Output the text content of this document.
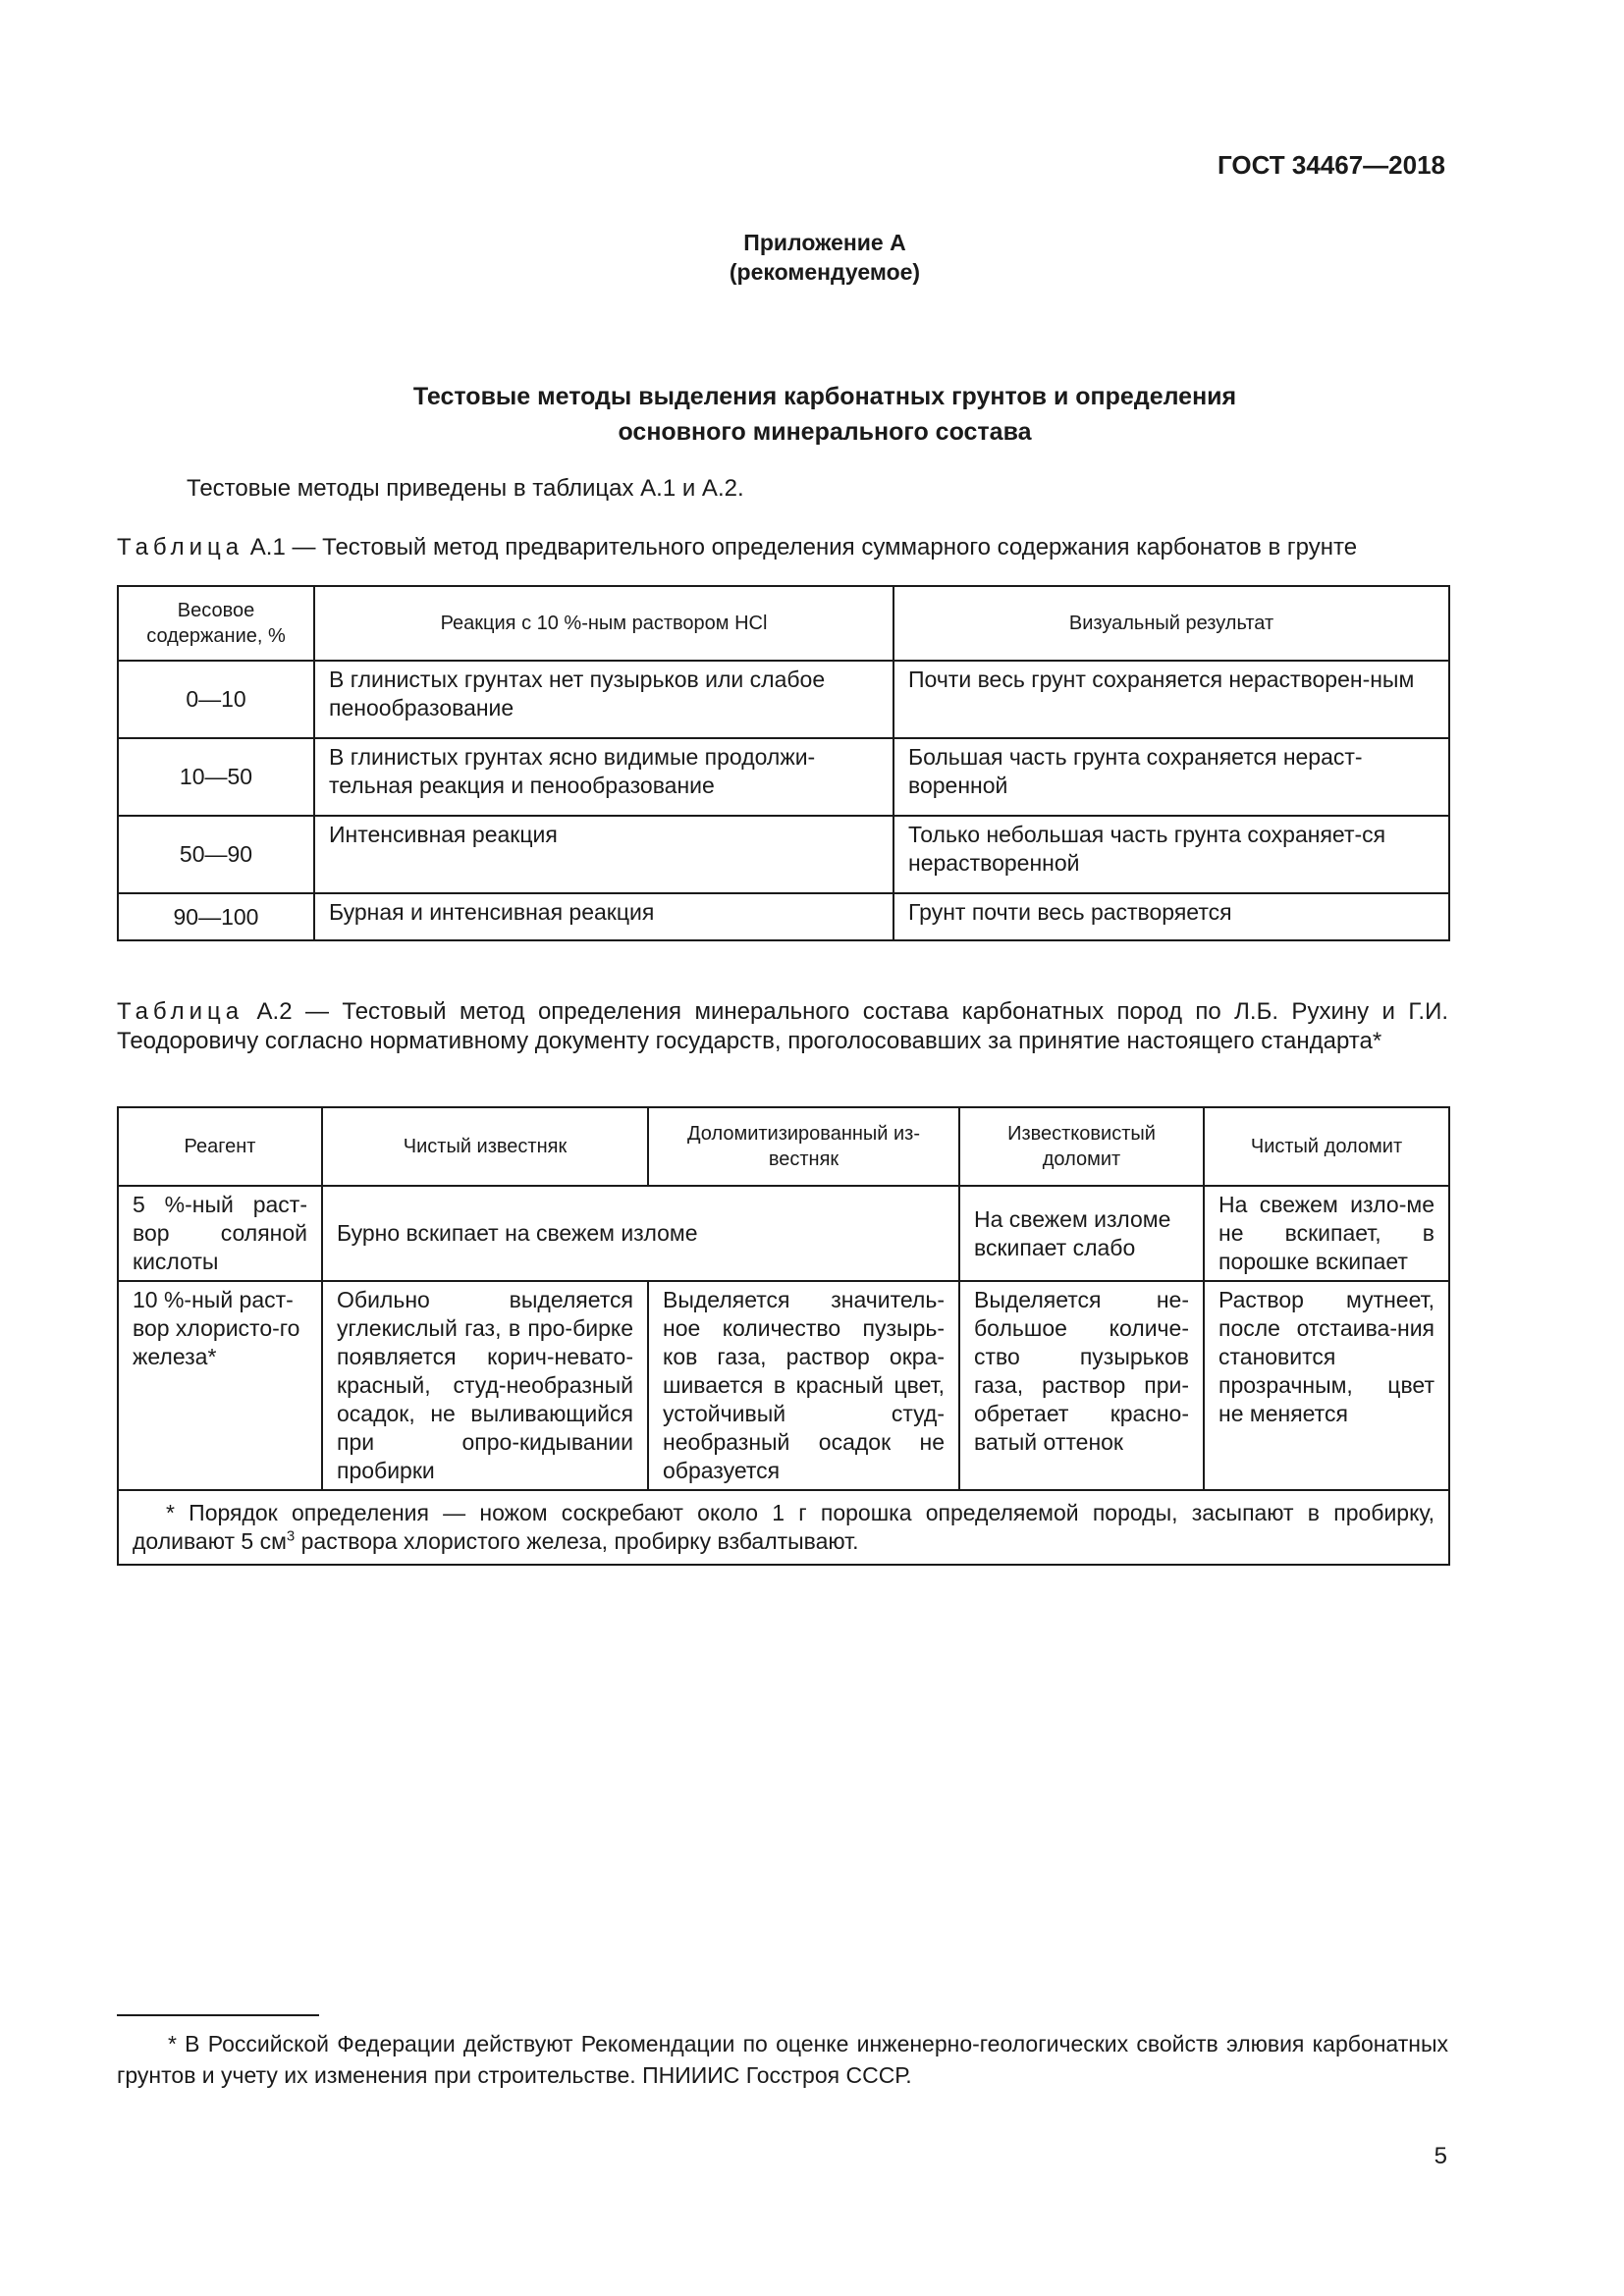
ГОСТ 34467—2018
Приложение А
(рекомендуемое)
Тестовые методы выделения карбонатных грунтов и определения
основного минерального состава
Тестовые методы приведены в таблицах А.1 и А.2.
Таблица А.1 — Тестовый метод предварительного определения суммарного содержания карбонатов в грунте
Весовое содержание, %	Реакция с 10 %-ным раствором НСl	Визуальный результат
0—10	В глинистых грунтах нет пузырьков или слабое пенообразование	Почти весь грунт сохраняется нерастворен-ным
10—50	В глинистых грунтах ясно видимые продолжи-тельная реакция и пенообразование	Большая часть грунта сохраняется нераст-воренной
50—90	Интенсивная реакция	Только небольшая часть грунта сохраняет-ся нерастворенной
90—100	Бурная и интенсивная реакция	Грунт почти весь растворяется
Таблица А.2 — Тестовый метод определения минерального состава карбонатных пород по Л.Б. Рухину и Г.И. Теодоровичу согласно нормативному документу государств, проголосовавших за принятие настоящего стандарта*
Реагент	Чистый известняк	Доломитизированный из-вестняк	Известковистый доломит	Чистый доломит
5 %-ный раст-вор соляной кислоты	Бурно вскипает на свежем изломе		На свежем изломе вскипает слабо	На свежем изло-ме не вскипает, в порошке вскипает
10 %-ный раст-вор хлористо-го железа*	Обильно выделяется углекислый газ, в про-бирке появляется корич-невато-красный, студ-необразный осадок, не выливающийся при опро-кидывании пробирки	Выделяется значитель-ное количество пузырь-ков газа, раствор окра-шивается в красный цвет, устойчивый студ-необразный осадок не образуется	Выделяется не-большое количе-ство пузырьков газа, раствор при-обретает красно-ватый оттенок	Раствор мутнеет, после отстаива-ния становится прозрачным, цвет не меняется
* Порядок определения — ножом соскребают около 1 г порошка определяемой породы, засыпают в пробирку, доливают 5 $см^3$ раствора хлористого железа, пробирку взбалтывают.				
* В Российской Федерации действуют Рекомендации по оценке инженерно-геологических свойств элювия карбонатных грунтов и учету их изменения при строительстве. ПНИИИС Госстроя СССР.
5
